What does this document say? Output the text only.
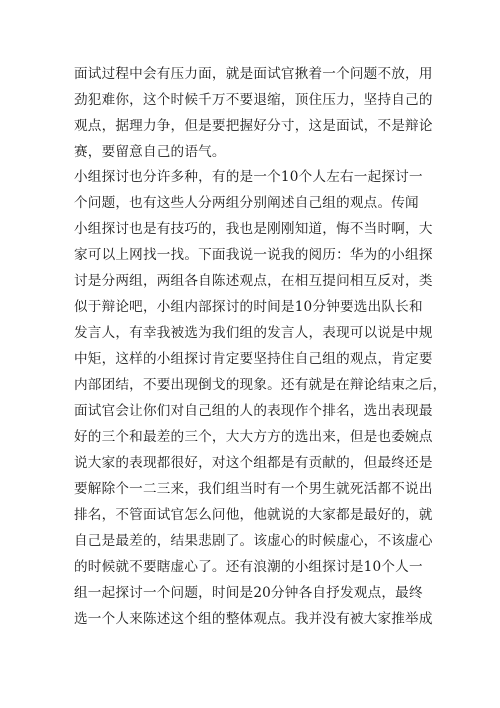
面试过程中会有压力面，就是面试官揪着一个问题不放，用
劲犯难你，这个时候千万不要退缩，顶住压力，坚持自己的
观点，据理力争，但是要把握好分寸，这是面试，不是辩论
赛，要留意自己的语气。
小组探讨也分许多种，有的是一个10个人左右一起探讨一
个问题，也有这些人分两组分别阐述自己组的观点。传闻
小组探讨也是有技巧的，我也是刚刚知道，悔不当时啊，大
家可以上网找一找。下面我说一说我的阅历：华为的小组探
讨是分两组，两组各自陈述观点，在相互提问相互反对，类
似于辩论吧，小组内部探讨的时间是10分钟要选出队长和
发言人，有幸我被选为我们组的发言人，表现可以说是中规
中矩，这样的小组探讨肯定要坚持住自己组的观点，肯定要
内部团结，不要出现倒戈的现象。还有就是在辩论结束之后，
面试官会让你们对自己组的人的表现作个排名，选出表现最
好的三个和最差的三个，大大方方的选出来，但是也委婉点
说大家的表现都很好，对这个组都是有贡献的，但最终还是
要解除个一二三来，我们组当时有一个男生就死活都不说出
排名，不管面试官怎么问他，他就说的大家都是最好的，就
自己是最差的，结果悲剧了。该虚心的时候虚心，不该虚心
的时候就不要瞎虚心了。还有浪潮的小组探讨是10个人一
组一起探讨一个问题，时间是20分钟各自抒发观点，最终
选一个人来陈述这个组的整体观点。我并没有被大家推举成
